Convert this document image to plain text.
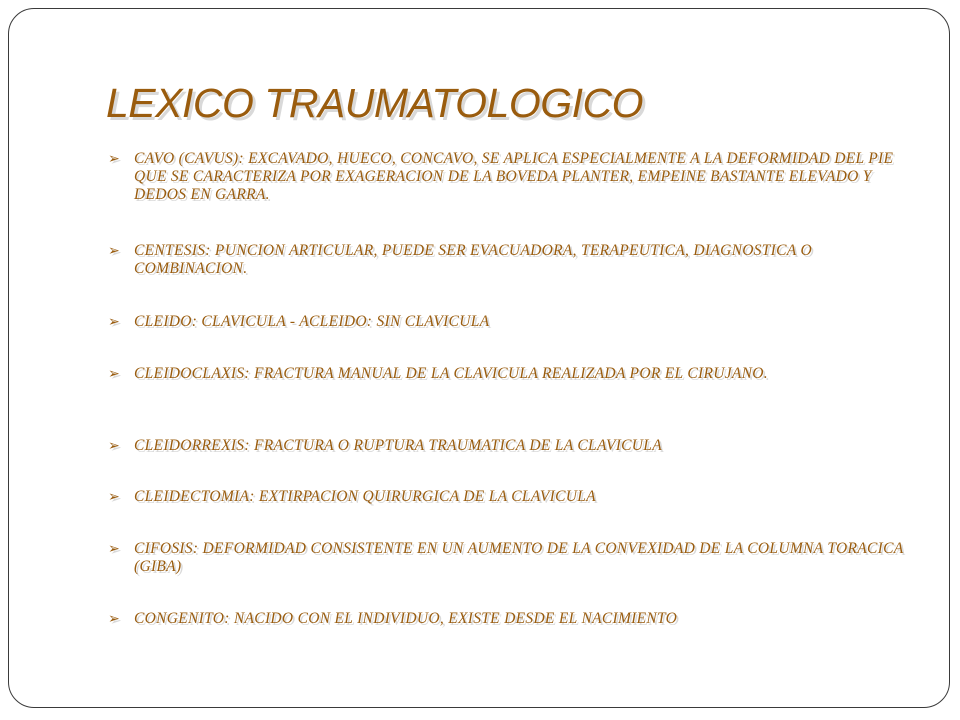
LEXICO TRAUMATOLOGICO
➢ CAVO (CAVUS): EXCAVADO, HUECO, CONCAVO, SE APLICA ESPECIALMENTE A LA DEFORMIDAD DEL PIE QUE SE CARACTERIZA POR EXAGERACION DE LA BOVEDA PLANTER, EMPEINE BASTANTE ELEVADO Y DEDOS EN GARRA.
➢ CENTESIS: PUNCION ARTICULAR, PUEDE SER EVACUADORA, TERAPEUTICA, DIAGNOSTICA O COMBINACION.
➢ CLEIDO: CLAVICULA - ACLEIDO: SIN CLAVICULA
➢ CLEIDOCLAXIS: FRACTURA MANUAL DE LA CLAVICULA REALIZADA POR EL CIRUJANO.
➢ CLEIDORREXIS: FRACTURA O RUPTURA TRAUMATICA DE LA CLAVICULA
➢ CLEIDECTOMIA: EXTIRPACION QUIRURGICA DE LA CLAVICULA
➢ CIFOSIS: DEFORMIDAD CONSISTENTE EN UN AUMENTO DE LA CONVEXIDAD DE LA COLUMNA TORACICA (GIBA)
➢ CONGENITO: NACIDO CON EL INDIVIDUO, EXISTE DESDE EL NACIMIENTO
